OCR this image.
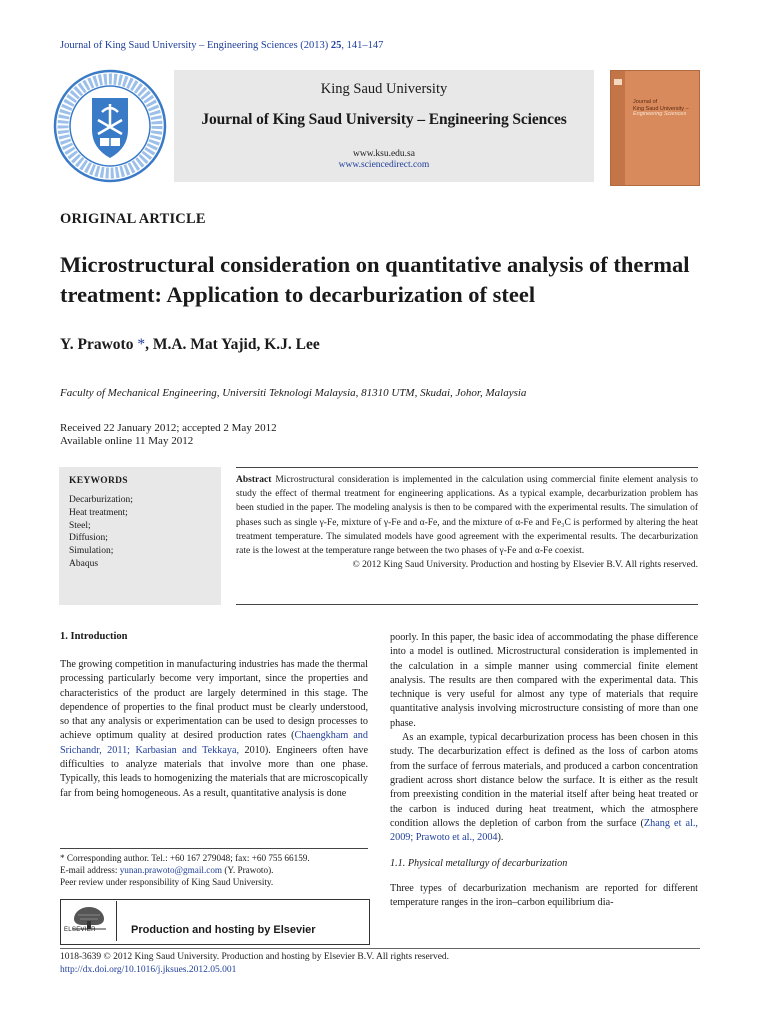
Journal of King Saud University – Engineering Sciences (2013) 25, 141–147
King Saud University
Journal of King Saud University – Engineering Sciences
www.ksu.edu.sa
www.sciencedirect.com
Journal of
King Saud University –
Engineering Sciences
ORIGINAL ARTICLE
Microstructural consideration on quantitative analysis of thermal treatment: Application to decarburization of steel
Y. Prawoto *, M.A. Mat Yajid, K.J. Lee
Faculty of Mechanical Engineering, Universiti Teknologi Malaysia, 81310 UTM, Skudai, Johor, Malaysia
Received 22 January 2012; accepted 2 May 2012
Available online 11 May 2012
KEYWORDS
Decarburization;
Heat treatment;
Steel;
Diffusion;
Simulation;
Abaqus
Abstract Microstructural consideration is implemented in the calculation using commercial finite element analysis to study the effect of thermal treatment for engineering applications. As a typical example, decarburization problem has been studied in the paper. The modeling analysis is then to be compared with the experimental results. The simulation of phases such as single γ-Fe, mixture of γ-Fe and α-Fe, and the mixture of α-Fe and Fe₃C is performed by altering the heat treatment temperature. The simulated models have good agreement with the experimental results. The decarburization rate is the lowest at the temperature range between the two phases of γ-Fe and α-Fe coexist.
© 2012 King Saud University. Production and hosting by Elsevier B.V. All rights reserved.
1. Introduction
The growing competition in manufacturing industries has made the thermal processing particularly become very important, since the properties and characteristics of the product are largely determined in this stage. The dependence of properties to the final product must be clearly understood, so that any analysis or experimentation can be used to design processes to achieve optimum quality at desired production rates (Chaengkham and Srichandr, 2011; Karbasian and Tekkaya, 2010). Engineers often have difficulties to analyze materials that involve more than one phase. Typically, this leads to homogenizing the materials that are microscopically far from being homogeneous. As a result, quantitative analysis is done
poorly. In this paper, the basic idea of accommodating the phase difference into a model is outlined. Microstructural consideration is implemented in the calculation in a simple manner using commercial finite element analysis. The results are then compared with the experimental data. This technique is very useful for almost any type of materials that require quantitative analysis involving microstructure consisting of more than one phase.
As an example, typical decarburization process has been chosen in this study. The decarburization effect is defined as the loss of carbon atoms from the surface of ferrous materials, and produced a carbon concentration gradient across short distance below the surface. It is either as the result from preexisting condition in the material itself after being heat treated or the carbon is induced during heat treatment, which the atmosphere condition allows the depletion of carbon from the surface (Zhang et al., 2009; Prawoto et al., 2004).
1.1. Physical metallurgy of decarburization
Three types of decarburization mechanism are reported for different temperature ranges in the iron–carbon equilibrium dia-
* Corresponding author. Tel.: +60 167 279048; fax: +60 755 66159.
E-mail address: yunan.prawoto@gmail.com (Y. Prawoto).
Peer review under responsibility of King Saud University.
ELSEVIER	Production and hosting by Elsevier
1018-3639 © 2012 King Saud University. Production and hosting by Elsevier B.V. All rights reserved.
http://dx.doi.org/10.1016/j.jksues.2012.05.001
